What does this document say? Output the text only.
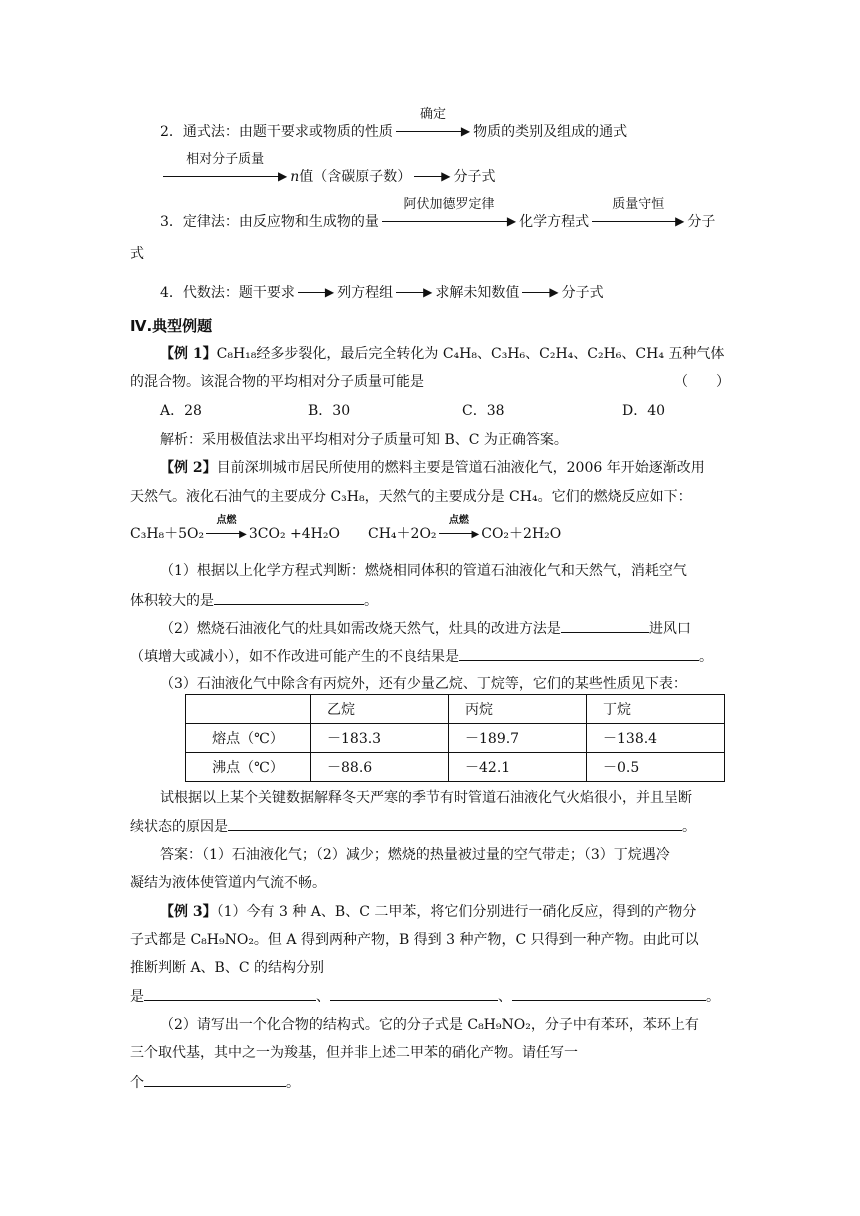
2．通式法：由题干要求或物质的性质
确定
▶ 物质的类别及组成的通式
相对分子质量
▶ n值（含碳原子数）	▶ 分子式
3．定律法：由反应物和生成物的量
阿伏加德罗定律
▶ 化学方程式
质量守恒
▶ 分子
式
4．代数法：题干要求	▶ 列方程组	▶ 求解未知数值	▶ 分子式
Ⅳ.典型例题
【例 1】C₈H₁₈经多步裂化，最后完全转化为 C₄H₈、C₃H₆、C₂H₄、C₂H₆、CH₄ 五种气体
的混合物。该混合物的平均相对分子质量可能是	（　　）
A．28	B．30	C．38	D．40
解析：采用极值法求出平均相对分子质量可知 B、C 为正确答案。
【例 2】目前深圳城市居民所使用的燃料主要是管道石油液化气，2006 年开始逐渐改用
天然气。液化石油气的主要成分 C₃H₈，天然气的主要成分是 CH₄。它们的燃烧反应如下：
C₃H₈＋5O₂
点燃
▶ 3CO₂ +4H₂O CH₄＋2O₂
点燃
▶ CO₂＋2H₂O
（1）根据以上化学方程式判断：燃烧相同体积的管道石油液化气和天然气，消耗空气
体积较大的是	。
（2）燃烧石油液化气的灶具如需改烧天然气，灶具的改进方法是	进风口
（填增大或减小），如不作改进可能产生的不良结果是	。
（3）石油液化气中除含有丙烷外，还有少量乙烷、丁烷等，它们的某些性质见下表：
	乙烷	丙烷	丁烷
熔点（℃）	－183.3	－189.7	－138.4
沸点（℃）	－88.6	－42.1	－0.5
试根据以上某个关键数据解释冬天严寒的季节有时管道石油液化气火焰很小，并且呈断
续状态的原因是	。
答案：（1）石油液化气；（2）减少；燃烧的热量被过量的空气带走；（3）丁烷遇冷
凝结为液体使管道内气流不畅。
【例 3】（1）今有 3 种 A、B、C 二甲苯，将它们分别进行一硝化反应，得到的产物分
子式都是 C₈H₉NO₂。但 A 得到两种产物，B 得到 3 种产物，C 只得到一种产物。由此可以
推断判断 A、B、C 的结构分别
是	、	、	。
（2）请写出一个化合物的结构式。它的分子式是 C₈H₉NO₂，分子中有苯环，苯环上有
三个取代基，其中之一为羧基，但并非上述二甲苯的硝化产物。请任写一
个	。
